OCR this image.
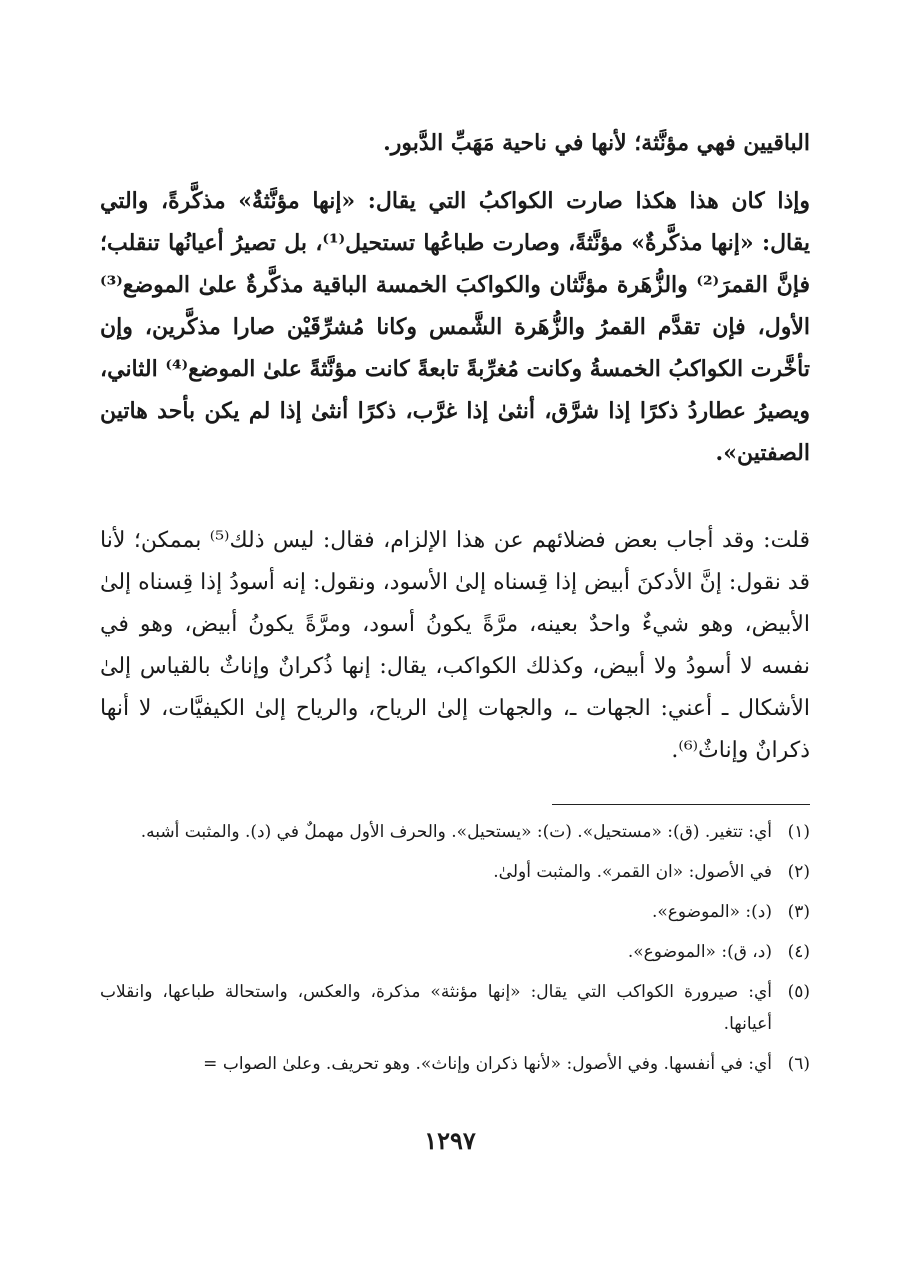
الباقيين فهي مؤنَّثة؛ لأنها في ناحية مَهَبِّ الدَّبور.

وإذا كان هذا هكذا صارت الكواكبُ التي يقال: «إنها مؤنَّثةٌ» مذكَّرةً، والتي يقال: «إنها مذكَّرةٌ» مؤنَّثةً، وصارت طباعُها تستحيل⁽¹⁾، بل تصيرُ أعيانُها تنقلب؛ فإنَّ القمرَ⁽²⁾ والزُّهَرة مؤنَّثان والكواكبَ الخمسة الباقية مذكَّرةٌ علىٰ الموضع⁽³⁾ الأول، فإن تقدَّم القمرُ والزُّهَرة الشَّمس وكانا مُشرِّقَيْن صارا مذكَّرين، وإن تأخَّرت الكواكبُ الخمسةُ وكانت مُغرِّبةً تابعةً كانت مؤنَّثةً علىٰ الموضع⁽⁴⁾ الثاني، ويصيرُ عطاردُ ذكرًا إذا شرَّق، أنثىٰ إذا غرَّب، ذكرًا أنثىٰ إذا لم يكن بأحد هاتين الصفتين».

قلت: وقد أجاب بعض فضلائهم عن هذا الإلزام، فقال: ليس ذلك⁽⁵⁾ بممكن؛ لأنا قد نقول: إنَّ الأدكنَ أبيض إذا قِسناه إلىٰ الأسود، ونقول: إنه أسودُ إذا قِسناه إلىٰ الأبيض، وهو شيءٌ واحدٌ بعينه، مرَّةً يكونُ أسود، ومرَّةً يكونُ أبيض، وهو في نفسه لا أسودُ ولا أبيض، وكذلك الكواكب، يقال: إنها ذُكرانٌ وإناثٌ بالقياس إلىٰ الأشكال ـ أعني: الجهات ـ، والجهات إلىٰ الرياح، والرياح إلىٰ الكيفيَّات، لا أنها ذكرانٌ وإناثٌ⁽⁶⁾.

(١)
أي: تتغير. (ق): «مستحيل». (ت): «يستحيل». والحرف الأول مهملٌ في (د). والمثبت أشبه.
(٢)
في الأصول: «ان القمر». والمثبت أولىٰ.
(٣)
(د): «الموضوع».
(٤)
(د، ق): «الموضوع».
(٥)
أي: صيرورة الكواكب التي يقال: «إنها مؤنثة» مذكرة، والعكس، واستحالة طباعها، وانقلاب أعيانها.
(٦)
أي: في أنفسها. وفي الأصول: «لأنها ذكران وإناث». وهو تحريف. وعلىٰ الصواب =
١٢٩٧
